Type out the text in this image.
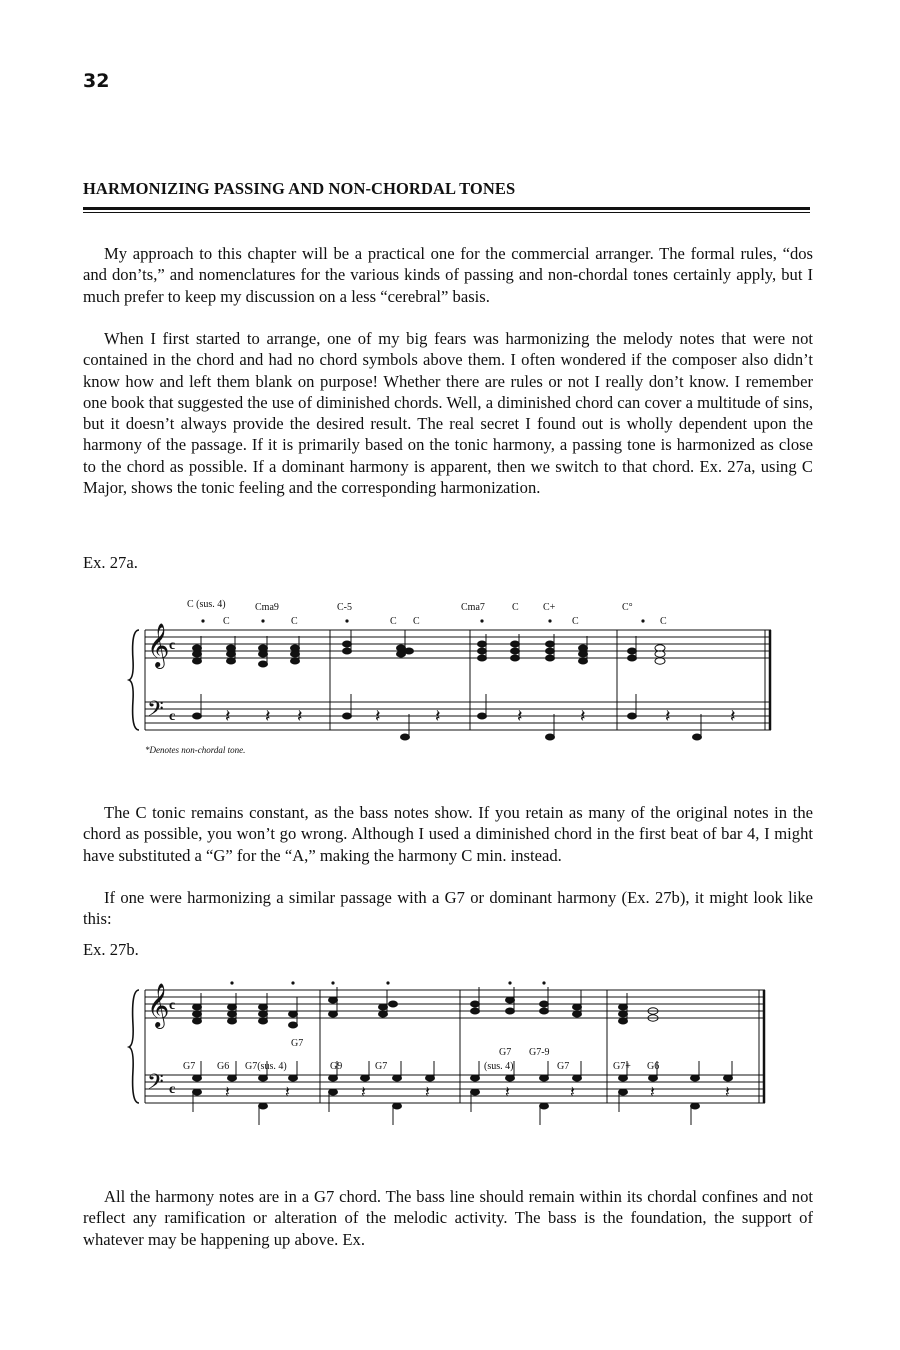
32
HARMONIZING PASSING AND NON-CHORDAL TONES

My approach to this chapter will be a practical one for the commercial arranger. The formal rules, “dos and don’ts,” and nomenclatures for the various kinds of passing and non-chordal tones certainly apply, but I much prefer to keep my discussion on a less “cerebral” basis.

When I first started to arrange, one of my big fears was harmonizing the melody notes that were not contained in the chord and had no chord symbols above them. I often wondered if the composer also didn’t know how and left them blank on purpose! Whether there are rules or not I really don’t know. I remember one book that suggested the use of diminished chords. Well, a diminished chord can cover a multitude of sins, but it doesn’t always provide the desired result. The real secret I found out is wholly dependent upon the harmony of the passage. If it is primarily based on the tonic harmony, a passing tone is harmonized as close to the chord as possible. If a dominant harmony is apparent, then we switch to that chord. Ex. 27a, using C Major, shows the tonic feeling and the corresponding harmonization.

Ex. 27a.
C (sus. 4)	Cma9	C-5	Cma7	C C+	C°
C	C	C C	C	C
𝄞
𝄢
c
c	𝄽 𝄽 𝄽	𝄽	𝄽	𝄽	𝄽	𝄽	𝄽
*Denotes non-chordal tone.

The C tonic remains constant, as the bass notes show. If you retain as many of the original notes in the chord as possible, you won’t go wrong. Although I used a diminished chord in the first beat of bar 4, I might have substituted a “G” for the “A,” making the harmony C min. instead.

If one were harmonizing a similar passage with a G7 or dominant harmony (Ex. 27b), it might look like this:

Ex. 27b.
𝄞
𝄢
c
c
G7
G7 G6 G7(sus. 4)	G9	G7
G7 G7-9
(sus. 4)	G7	G7+ G6
𝄽	𝄽	𝄽	𝄽	𝄽	𝄽	𝄽	𝄽

All the harmony notes are in a G7 chord. The bass line should remain within its chordal confines and not reflect any ramification or alteration of the melodic activity. The bass is the foundation, the support of whatever may be happening up above. Ex.
